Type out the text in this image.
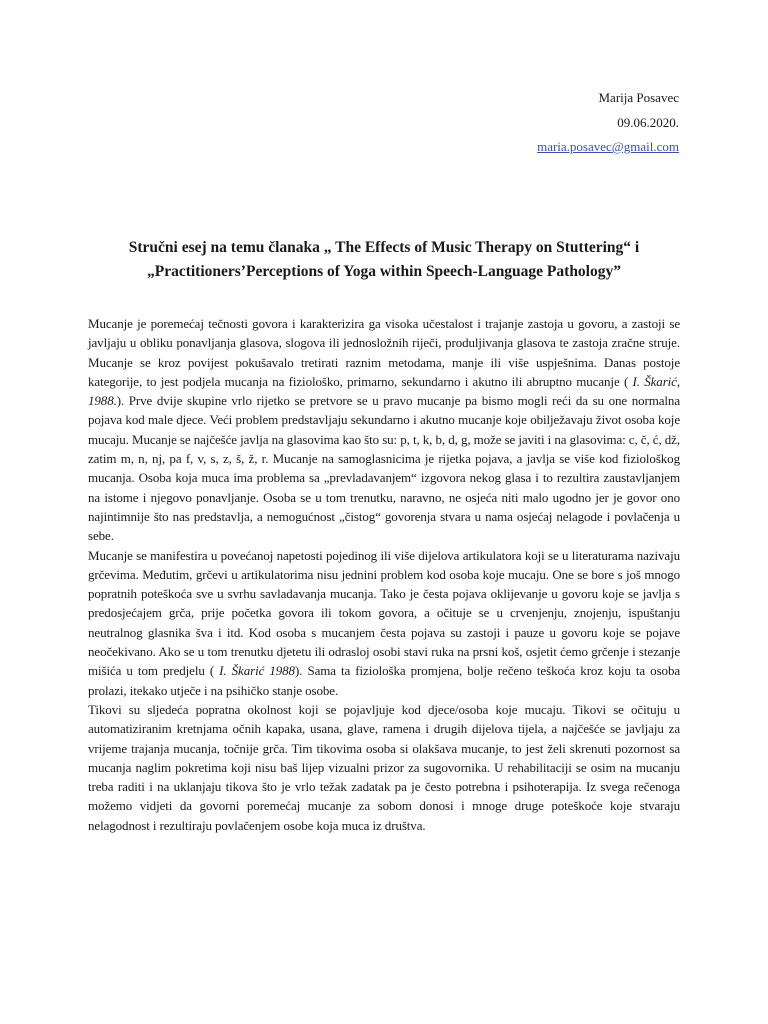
Marija Posavec
09.06.2020.
maria.posavec@gmail.com
Stručni esej na temu članaka „ The Effects of Music Therapy on Stuttering“ i
„Practitioners’Perceptions of Yoga within Speech-Language Pathology”

Mucanje je poremećaj tečnosti govora i karakterizira ga visoka učestalost i trajanje zastoja u govoru, a zastoji se javljaju u obliku ponavljanja glasova, slogova ili jednosložnih riječi, produljivanja glasova te zastoja zračne struje. Mucanje se kroz povijest pokušavalo tretirati raznim metodama, manje ili više uspješnima. Danas postoje kategorije, to jest podjela mucanja na fiziološko, primarno, sekundarno i akutno ili abruptno mucanje ( I. Škarić, 1988.). Prve dvije skupine vrlo rijetko se pretvore se u pravo mucanje pa bismo mogli reći da su one normalna pojava kod male djece. Veći problem predstavljaju sekundarno i akutno mucanje koje obilježavaju život osoba koje mucaju. Mucanje se najčešće javlja na glasovima kao što su: p, t, k, b, d, g, može se javiti i na glasovima: c, č, ć, dž, zatim m, n, nj, pa f, v, s, z, š, ž, r. Mucanje na samoglasnicima je rijetka pojava, a javlja se više kod fiziološkog mucanja. Osoba koja muca ima problema sa „prevladavanjem“ izgovora nekog glasa i to rezultira zaustavljanjem na istome i njegovo ponavljanje. Osoba se u tom trenutku, naravno, ne osjeća niti malo ugodno jer je govor ono najintimnije što nas predstavlja, a nemogućnost „čistog“ govorenja stvara u nama osjećaj nelagode i povlačenja u sebe.

Mucanje se manifestira u povećanoj napetosti pojedinog ili više dijelova artikulatora koji se u literaturama nazivaju grčevima. Međutim, grčevi u artikulatorima nisu jednini problem kod osoba koje mucaju. One se bore s još mnogo popratnih poteškoća sve u svrhu savladavanja mucanja. Tako je česta pojava oklijevanje u govoru koje se javlja s predosjećajem grča, prije početka govora ili tokom govora, a očituje se u crvenjenju, znojenju, ispuštanju neutralnog glasnika šva i itd. Kod osoba s mucanjem česta pojava su zastoji i pauze u govoru koje se pojave neočekivano. Ako se u tom trenutku djetetu ili odrasloj osobi stavi ruka na prsni koš, osjetit ćemo grčenje i stezanje mišića u tom predjelu ( I. Škarić 1988). Sama ta fiziološka promjena, bolje rečeno teškoća kroz koju ta osoba prolazi, itekako utječe i na psihičko stanje osobe.

Tikovi su sljedeća popratna okolnost koji se pojavljuje kod djece/osoba koje mucaju. Tikovi se očituju u automatiziranim kretnjama očnih kapaka, usana, glave, ramena i drugih dijelova tijela, a najčešće se javljaju za vrijeme trajanja mucanja, točnije grča. Tim tikovima osoba si olakšava mucanje, to jest želi skrenuti pozornost sa mucanja naglim pokretima koji nisu baš lijep vizualni prizor za sugovornika. U rehabilitaciji se osim na mucanju treba raditi i na uklanjaju tikova što je vrlo težak zadatak pa je često potrebna i psihoterapija. Iz svega rečenoga možemo vidjeti da govorni poremećaj mucanje za sobom donosi i mnoge druge poteškoće koje stvaraju nelagodnost i rezultiraju povlačenjem osobe koja muca iz društva.
